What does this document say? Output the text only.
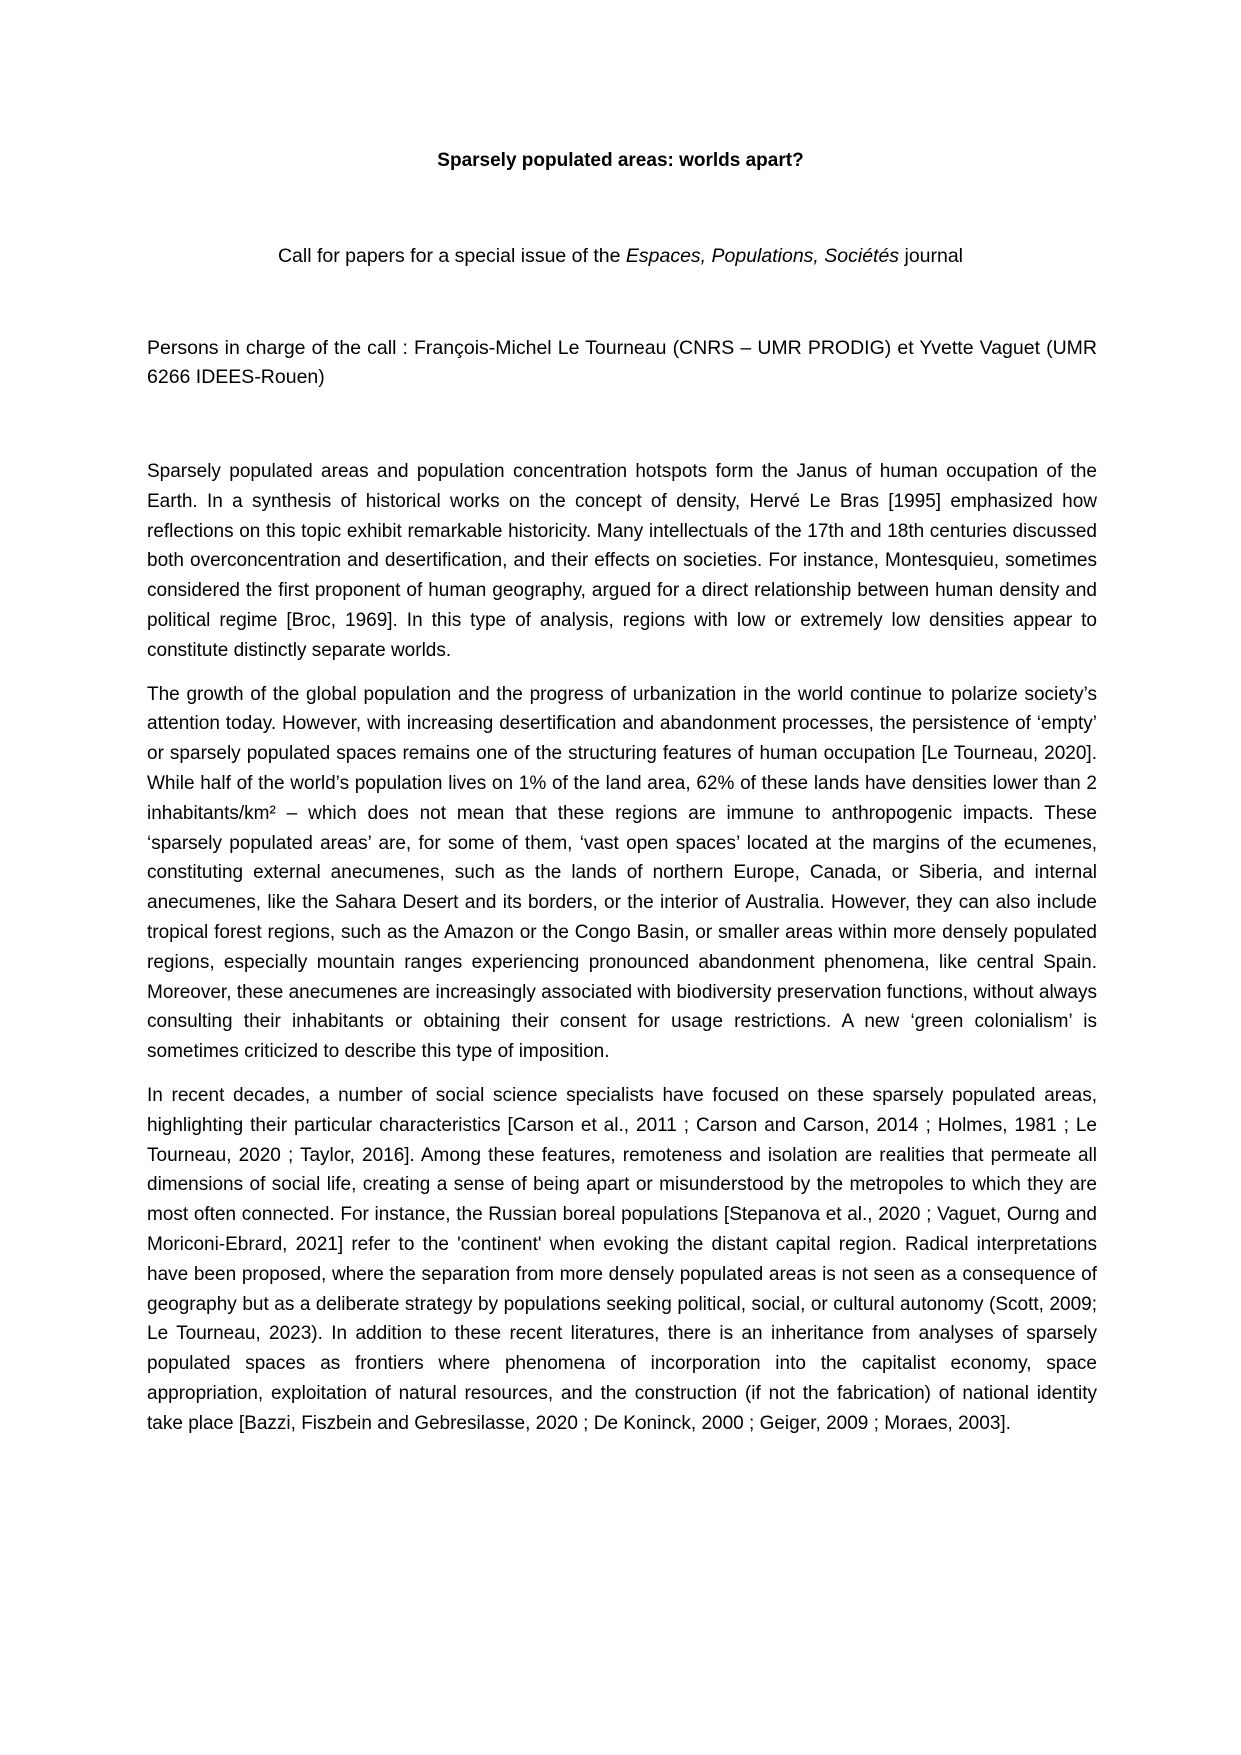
Sparsely populated areas: worlds apart?
Call for papers for a special issue of the Espaces, Populations, Sociétés journal
Persons in charge of the call : François-Michel Le Tourneau (CNRS – UMR PRODIG) et Yvette Vaguet (UMR 6266 IDEES-Rouen)

Sparsely populated areas and population concentration hotspots form the Janus of human occupation of the Earth. In a synthesis of historical works on the concept of density, Hervé Le Bras [1995] emphasized how reflections on this topic exhibit remarkable historicity. Many intellectuals of the 17th and 18th centuries discussed both overconcentration and desertification, and their effects on societies. For instance, Montesquieu, sometimes considered the first proponent of human geography, argued for a direct relationship between human density and political regime [Broc, 1969]. In this type of analysis, regions with low or extremely low densities appear to constitute distinctly separate worlds.

The growth of the global population and the progress of urbanization in the world continue to polarize society’s attention today. However, with increasing desertification and abandonment processes, the persistence of ‘empty’ or sparsely populated spaces remains one of the structuring features of human occupation [Le Tourneau, 2020]. While half of the world’s population lives on 1% of the land area, 62% of these lands have densities lower than 2 inhabitants/km² – which does not mean that these regions are immune to anthropogenic impacts. These ‘sparsely populated areas’ are, for some of them, ‘vast open spaces’ located at the margins of the ecumenes, constituting external anecumenes, such as the lands of northern Europe, Canada, or Siberia, and internal anecumenes, like the Sahara Desert and its borders, or the interior of Australia. However, they can also include tropical forest regions, such as the Amazon or the Congo Basin, or smaller areas within more densely populated regions, especially mountain ranges experiencing pronounced abandonment phenomena, like central Spain. Moreover, these anecumenes are increasingly associated with biodiversity preservation functions, without always consulting their inhabitants or obtaining their consent for usage restrictions. A new ‘green colonialism’ is sometimes criticized to describe this type of imposition.

In recent decades, a number of social science specialists have focused on these sparsely populated areas, highlighting their particular characteristics [Carson et al., 2011 ; Carson and Carson, 2014 ; Holmes, 1981 ; Le Tourneau, 2020 ; Taylor, 2016]. Among these features, remoteness and isolation are realities that permeate all dimensions of social life, creating a sense of being apart or misunderstood by the metropoles to which they are most often connected. For instance, the Russian boreal populations [Stepanova et al., 2020 ; Vaguet, Ourng and Moriconi-Ebrard, 2021] refer to the 'continent' when evoking the distant capital region. Radical interpretations have been proposed, where the separation from more densely populated areas is not seen as a consequence of geography but as a deliberate strategy by populations seeking political, social, or cultural autonomy (Scott, 2009; Le Tourneau, 2023). In addition to these recent literatures, there is an inheritance from analyses of sparsely populated spaces as frontiers where phenomena of incorporation into the capitalist economy, space appropriation, exploitation of natural resources, and the construction (if not the fabrication) of national identity take place [Bazzi, Fiszbein and Gebresilasse, 2020 ; De Koninck, 2000 ; Geiger, 2009 ; Moraes, 2003].
